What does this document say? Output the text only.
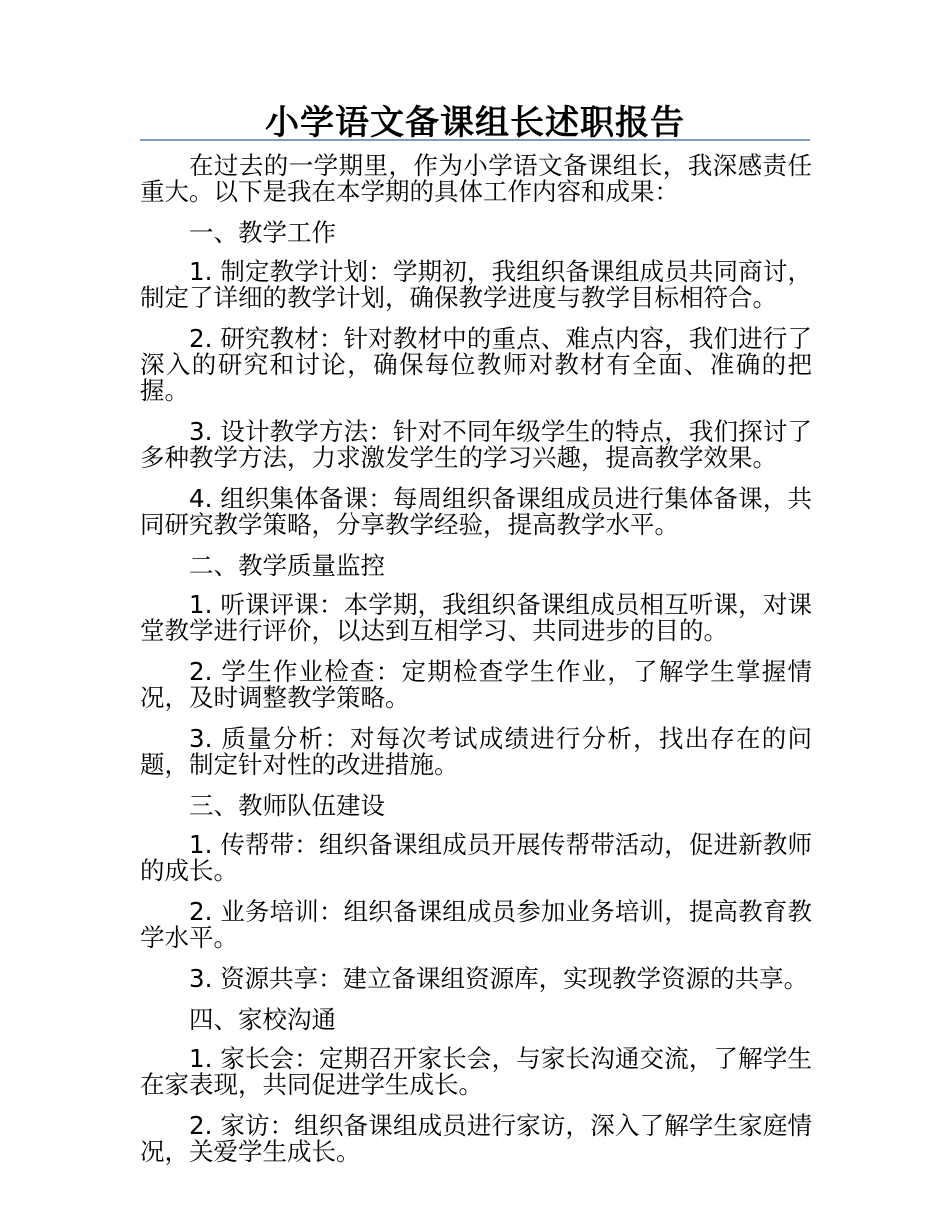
小学语文备课组长述职报告

在过去的一学期里，作为小学语文备课组长，我深感责任重大。以下是我在本学期的具体工作内容和成果：

一、教学工作

1. 制定教学计划：学期初，我组织备课组成员共同商讨，制定了详细的教学计划，确保教学进度与教学目标相符合。

2. 研究教材：针对教材中的重点、难点内容，我们进行了深入的研究和讨论，确保每位教师对教材有全面、准确的把握。

3. 设计教学方法：针对不同年级学生的特点，我们探讨了多种教学方法，力求激发学生的学习兴趣，提高教学效果。

4. 组织集体备课：每周组织备课组成员进行集体备课，共同研究教学策略，分享教学经验，提高教学水平。

二、教学质量监控

1. 听课评课：本学期，我组织备课组成员相互听课，对课堂教学进行评价，以达到互相学习、共同进步的目的。

2. 学生作业检查：定期检查学生作业，了解学生掌握情况，及时调整教学策略。

3. 质量分析：对每次考试成绩进行分析，找出存在的问题，制定针对性的改进措施。

三、教师队伍建设

1. 传帮带：组织备课组成员开展传帮带活动，促进新教师的成长。

2. 业务培训：组织备课组成员参加业务培训，提高教育教学水平。

3. 资源共享：建立备课组资源库，实现教学资源的共享。

四、家校沟通

1. 家长会：定期召开家长会，与家长沟通交流，了解学生在家表现，共同促进学生成长。

2. 家访：组织备课组成员进行家访，深入了解学生家庭情况，关爱学生成长。
